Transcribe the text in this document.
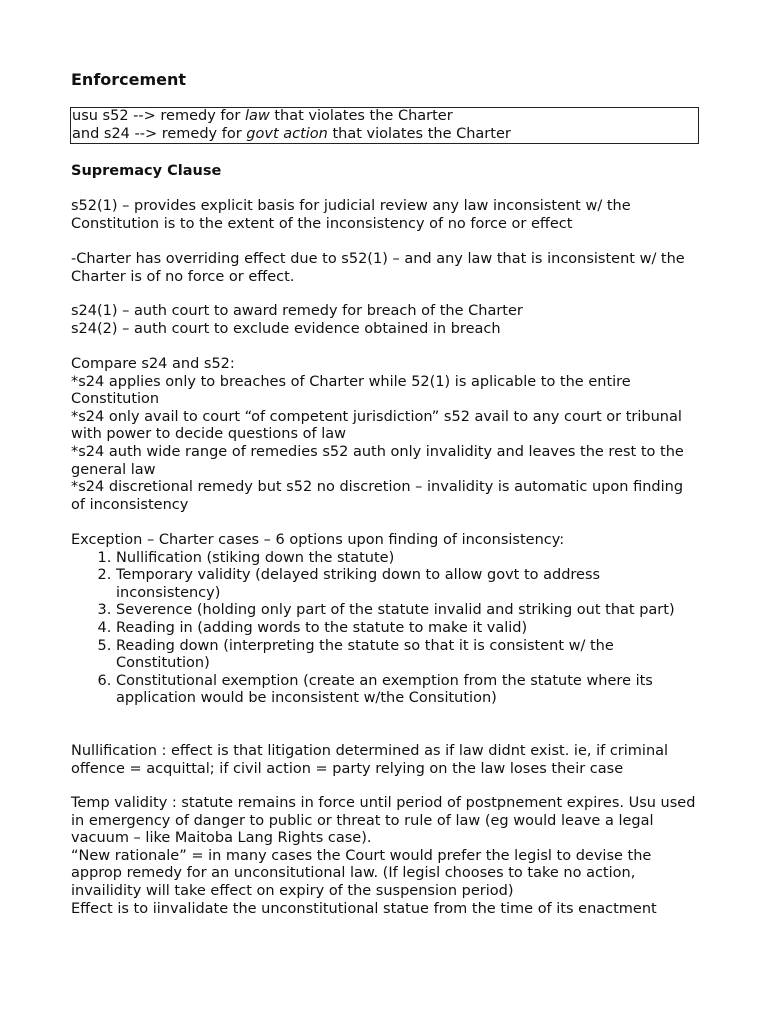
Enforcement
usu s52 --> remedy for law that violates the Charter
and s24 --> remedy for govt action that violates the Charter
Supremacy Clause

s52(1) – provides explicit basis for judicial review any law inconsistent w/ the Constitution is to the extent of the inconsistency of no force or effect

-Charter has overriding effect due to s52(1) – and any law that is inconsistent w/ the Charter is of no force or effect.

s24(1) – auth court to award remedy for breach of the Charter

s24(2) – auth court to exclude evidence obtained in breach

Compare s24 and s52:

*s24 applies only to breaches of Charter while 52(1) is aplicable to the entire Constitution

*s24 only avail to court “of competent jurisdiction” s52 avail to any court or tribunal with power to decide questions of law

*s24 auth wide range of remedies s52 auth only invalidity and leaves the rest to the general law

*s24 discretional remedy but s52 no discretion – invalidity is automatic upon finding of inconsistency

Exception – Charter cases – 6 options upon finding of inconsistency:

1. Nullification (stiking down the statute)
2. Temporary validity (delayed striking down to allow govt to address inconsistency)
3. Severence (holding only part of the statute invalid and striking out that part)
4. Reading in (adding words to the statute to make it valid)
5. Reading down (interpreting the statute so that it is consistent w/ the Constitution)
6. Constitutional exemption (create an exemption from the statute where its application would be inconsistent w/the Consitution)

Nullification : effect is that litigation determined as if law didnt exist. ie, if criminal offence = acquittal; if civil action = party relying on the law loses their case

Temp validity : statute remains in force until period of postpnement expires. Usu used in emergency of danger to public or threat to rule of law (eg would leave a legal vacuum – like Maitoba Lang Rights case).

“New rationale” = in many cases the Court would prefer the legisl to devise the approp remedy for an unconsitutional law. (If legisl chooses to take no action, invailidity will take effect on expiry of the suspension period)

Effect is to iinvalidate the unconstitutional statue from the time of its enactment
